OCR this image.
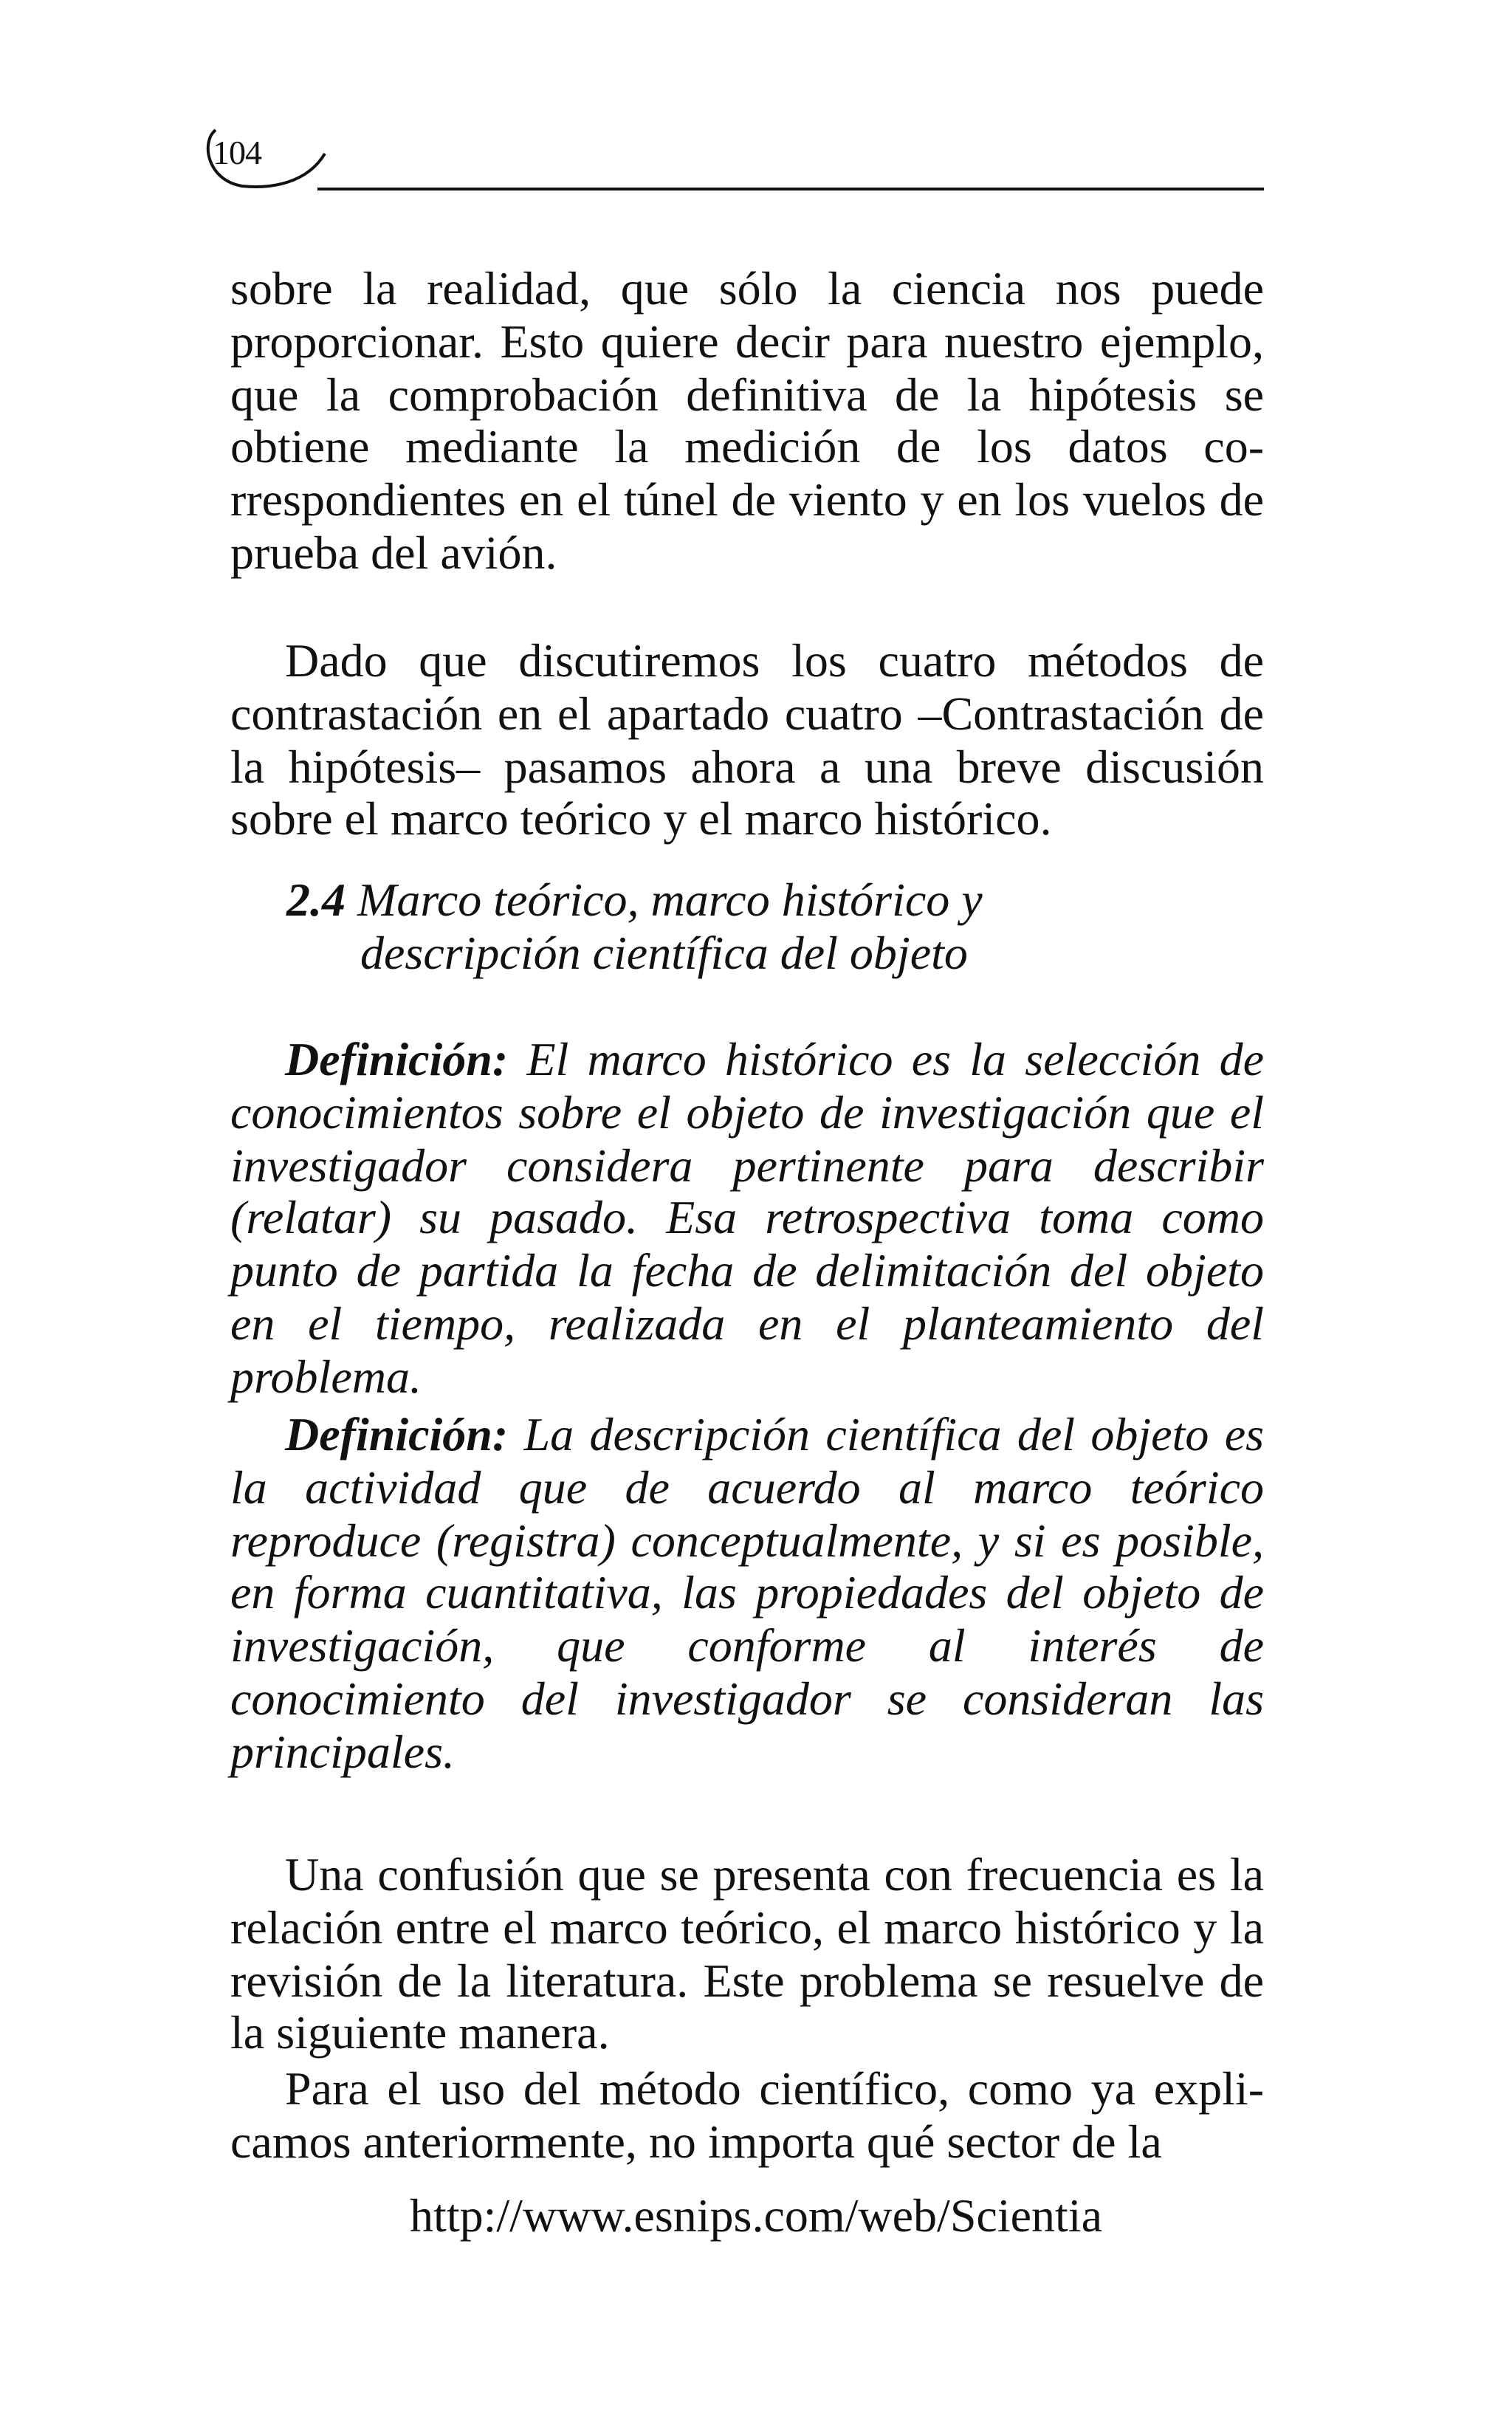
104

sobre la realidad, que sólo la ciencia nos puede proporcionar. Esto quiere decir para nuestro ejemplo, que la comprobación definitiva de la hipótesis se obtiene mediante la medición de los datos correspondientes en el túnel de viento y en los vuelos de prueba del avión.

Dado que discutiremos los cuatro métodos de contrastación en el apartado cuatro –Contrastación de la hipótesis– pasamos ahora a una breve discusión sobre el marco teórico y el marco histórico.

2.4 Marco teórico, marco histórico y
descripción científica del objeto

Definición: El marco histórico es la selección de conocimientos sobre el objeto de investigación que el investigador considera pertinente para describir (relatar) su pasado. Esa retrospectiva toma como punto de partida la fecha de delimitación del objeto en el tiempo, realizada en el planteamiento del problema.

Definición: La descripción científica del objeto es la actividad que de acuerdo al marco teórico reproduce (registra) conceptualmente, y si es posible, en forma cuantitativa, las propiedades del objeto de investigación, que conforme al interés de conocimiento del investigador se consideran las principales.

Una confusión que se presenta con frecuencia es la relación entre el marco teórico, el marco histórico y la revisión de la literatura. Este problema se resuelve de la siguiente manera.

Para el uso del método científico, como ya explicamos anteriormente, no importa qué sector de la

http://www.esnips.com/web/Scientia
